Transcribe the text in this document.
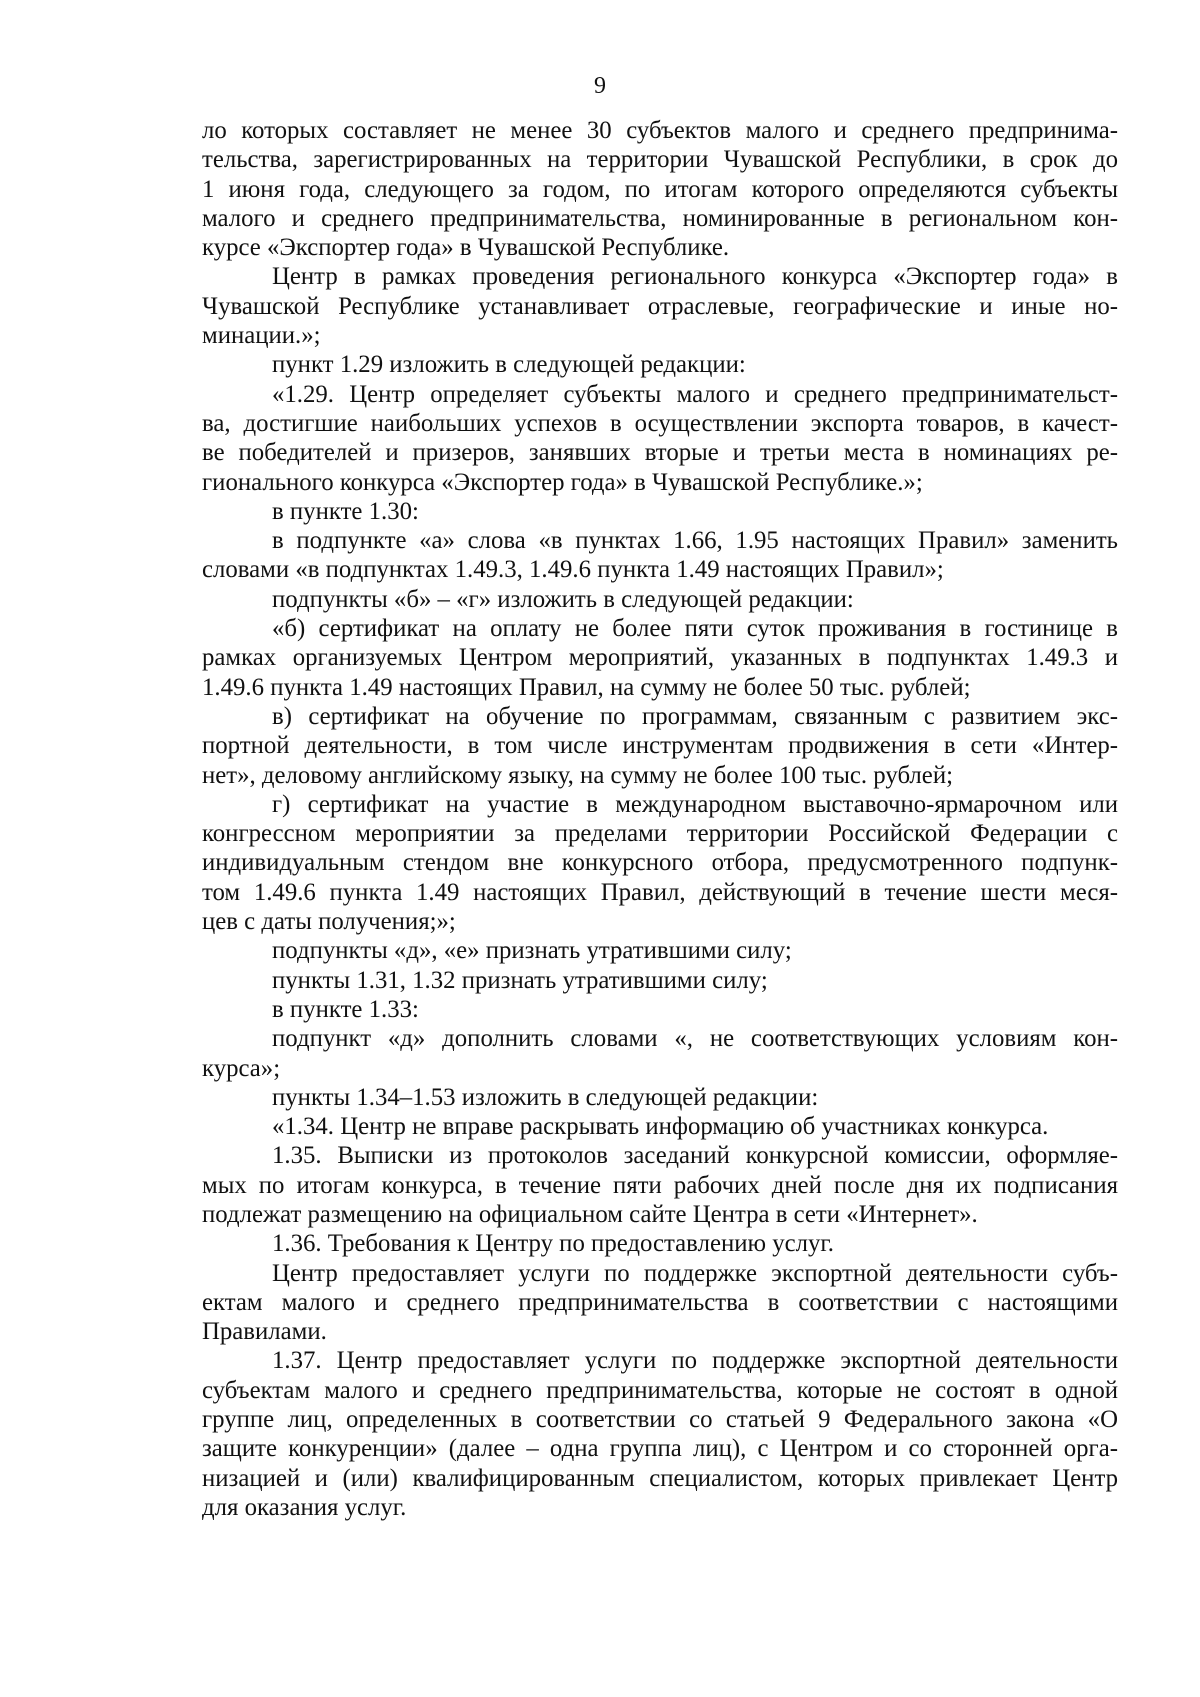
9

ло которых составляет не менее 30 субъектов малого и среднего предпринима-
тельства, зарегистрированных на территории Чувашской Республики, в срок до
1 июня года, следующего за годом, по итогам которого определяются субъекты
малого и среднего предпринимательства, номинированные в региональном кон-
курсе «Экспортер года» в Чувашской Республике.

Центр в рамках проведения регионального конкурса «Экспортер года» в
Чувашской Республике устанавливает отраслевые, географические и иные но-
минации.»;

пункт 1.29 изложить в следующей редакции:

«1.29. Центр определяет субъекты малого и среднего предпринимательст-
ва, достигшие наибольших успехов в осуществлении экспорта товаров, в качест-
ве победителей и призеров, занявших вторые и третьи места в номинациях ре-
гионального конкурса «Экспортер года» в Чувашской Республике.»;

в пункте 1.30:

в подпункте «а» слова «в пунктах 1.66, 1.95 настоящих Правил» заменить
словами «в подпунктах 1.49.3, 1.49.6 пункта 1.49 настоящих Правил»;

подпункты «б» – «г» изложить в следующей редакции:

«б) сертификат на оплату не более пяти суток проживания в гостинице в
рамках организуемых Центром мероприятий, указанных в подпунктах 1.49.3 и
1.49.6 пункта 1.49 настоящих Правил, на сумму не более 50 тыс. рублей;

в) сертификат на обучение по программам, связанным с развитием экс-
портной деятельности, в том числе инструментам продвижения в сети «Интер-
нет», деловому английскому языку, на сумму не более 100 тыс. рублей;

г) сертификат на участие в международном выставочно-ярмарочном или
конгрессном мероприятии за пределами территории Российской Федерации с
индивидуальным стендом вне конкурсного отбора, предусмотренного подпунк-
том 1.49.6 пункта 1.49 настоящих Правил, действующий в течение шести меся-
цев с даты получения;»;

подпункты «д», «е» признать утратившими силу;

пункты 1.31, 1.32 признать утратившими силу;

в пункте 1.33:

подпункт «д» дополнить словами «, не соответствующих условиям кон-
курса»;

пункты 1.34–1.53 изложить в следующей редакции:

«1.34. Центр не вправе раскрывать информацию об участниках конкурса.

1.35. Выписки из протоколов заседаний конкурсной комиссии, оформляе-
мых по итогам конкурса, в течение пяти рабочих дней после дня их подписания
подлежат размещению на официальном сайте Центра в сети «Интернет».

1.36. Требования к Центру по предоставлению услуг.

Центр предоставляет услуги по поддержке экспортной деятельности субъ-
ектам малого и среднего предпринимательства в соответствии с настоящими
Правилами.

1.37. Центр предоставляет услуги по поддержке экспортной деятельности
субъектам малого и среднего предпринимательства, которые не состоят в одной
группе лиц, определенных в соответствии со статьей 9 Федерального закона «О
защите конкуренции» (далее – одна группа лиц), с Центром и со сторонней орга-
низацией и (или) квалифицированным специалистом, которых привлекает Центр
для оказания услуг.
